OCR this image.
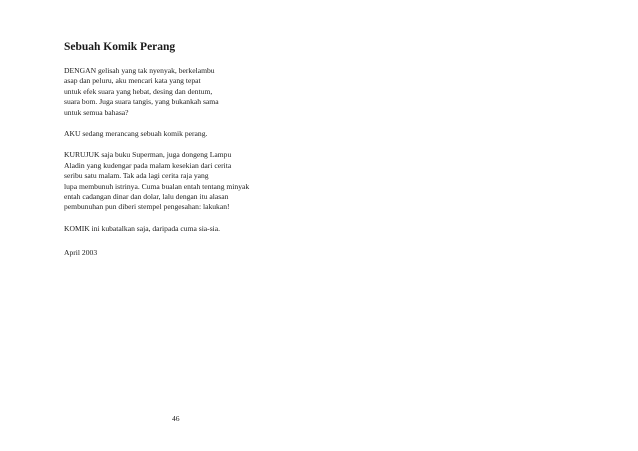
Sebuah Komik Perang
DENGAN gelisah yang tak nyenyak, berkelambu
asap dan peluru, aku mencari kata yang tepat
untuk efek suara yang hebat, desing dan dentum,
suara bom. Juga suara tangis, yang bukankah sama
untuk semua bahasa?
AKU sedang merancang sebuah komik perang.
KURUJUK saja buku Superman, juga dongeng Lampu
Aladin yang kudengar pada malam kesekian dari cerita
seribu satu malam. Tak ada lagi cerita raja yang
lupa membunuh istrinya. Cuma bualan entah tentang minyak
entah cadangan dinar dan dolar, lalu dengan itu alasan
pembunuhan pun diberi stempel pengesahan: lakukan!
KOMIK ini kubatalkan saja, daripada cuma sia-sia.
April 2003
46
